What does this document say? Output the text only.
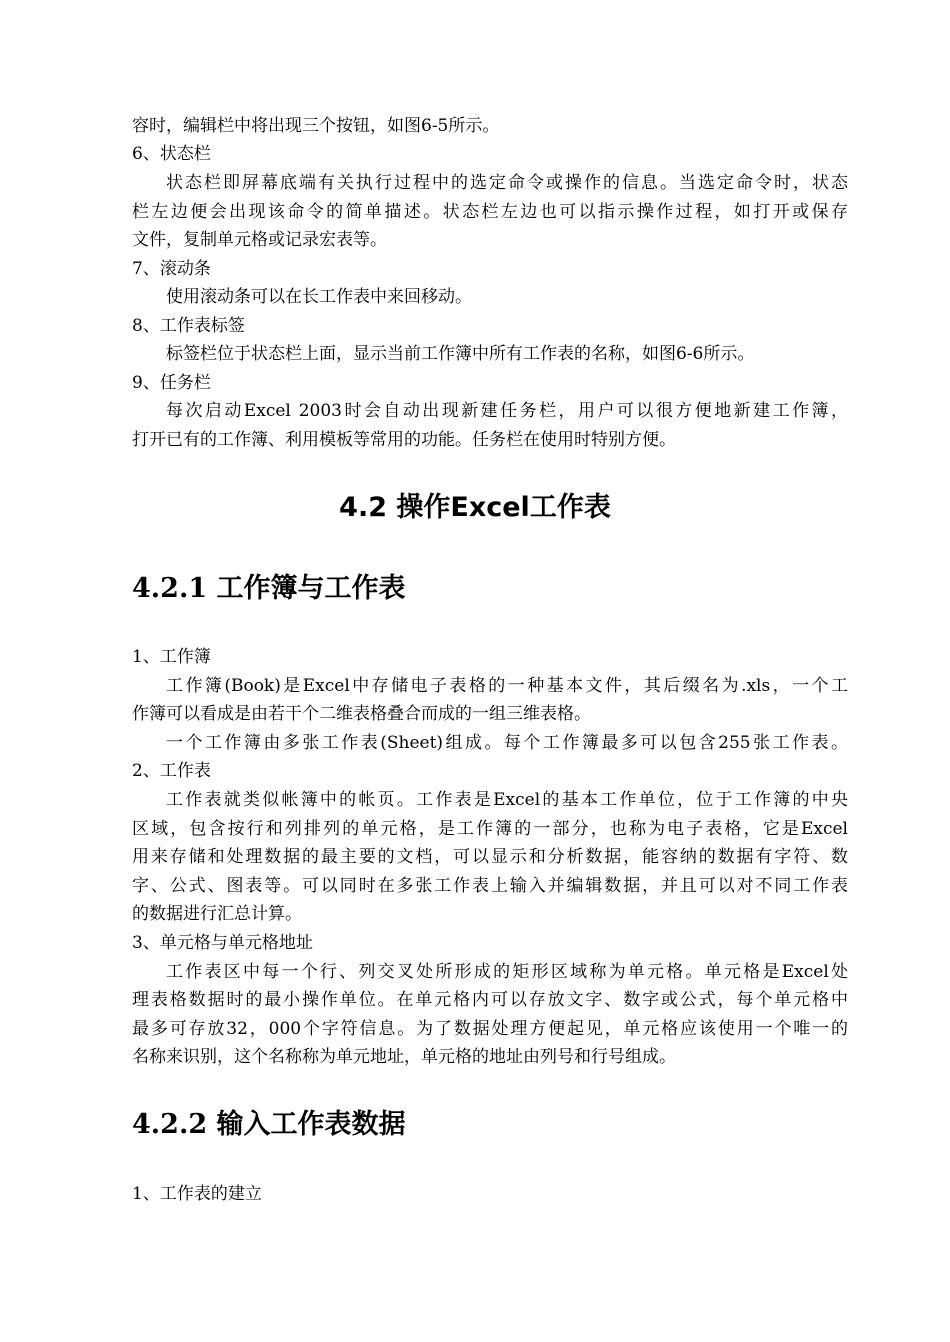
容时，编辑栏中将出现三个按钮，如图6-5所示。

6、状态栏

状态栏即屏幕底端有关执行过程中的选定命令或操作的信息。当选定命令时，状态

栏左边便会出现该命令的简单描述。状态栏左边也可以指示操作过程，如打开或保存

文件，复制单元格或记录宏表等。

7、滚动条

使用滚动条可以在长工作表中来回移动。

8、工作表标签

标签栏位于状态栏上面，显示当前工作簿中所有工作表的名称，如图6-6所示。

9、任务栏

每次启动Excel 2003时会自动出现新建任务栏，用户可以很方便地新建工作簿，

打开已有的工作簿、利用模板等常用的功能。任务栏在使用时特别方便。

4.2 操作Excel工作表
4.2.1 工作簿与工作表

1、工作簿

工作簿(Book)是Excel中存储电子表格的一种基本文件，其后缀名为.xls，一个工

作簿可以看成是由若干个二维表格叠合而成的一组三维表格。

一个工作簿由多张工作表(Sheet)组成。每个工作簿最多可以包含255张工作表。

2、工作表

工作表就类似帐簿中的帐页。工作表是Excel的基本工作单位，位于工作簿的中央

区域，包含按行和列排列的单元格，是工作簿的一部分，也称为电子表格，它是Excel

用来存储和处理数据的最主要的文档，可以显示和分析数据，能容纳的数据有字符、数

字、公式、图表等。可以同时在多张工作表上输入并编辑数据，并且可以对不同工作表

的数据进行汇总计算。

3、单元格与单元格地址

工作表区中每一个行、列交叉处所形成的矩形区域称为单元格。单元格是Excel处

理表格数据时的最小操作单位。在单元格内可以存放文字、数字或公式，每个单元格中

最多可存放32，000个字符信息。为了数据处理方便起见，单元格应该使用一个唯一的

名称来识别，这个名称称为单元地址，单元格的地址由列号和行号组成。

4.2.2 输入工作表数据

1、工作表的建立
